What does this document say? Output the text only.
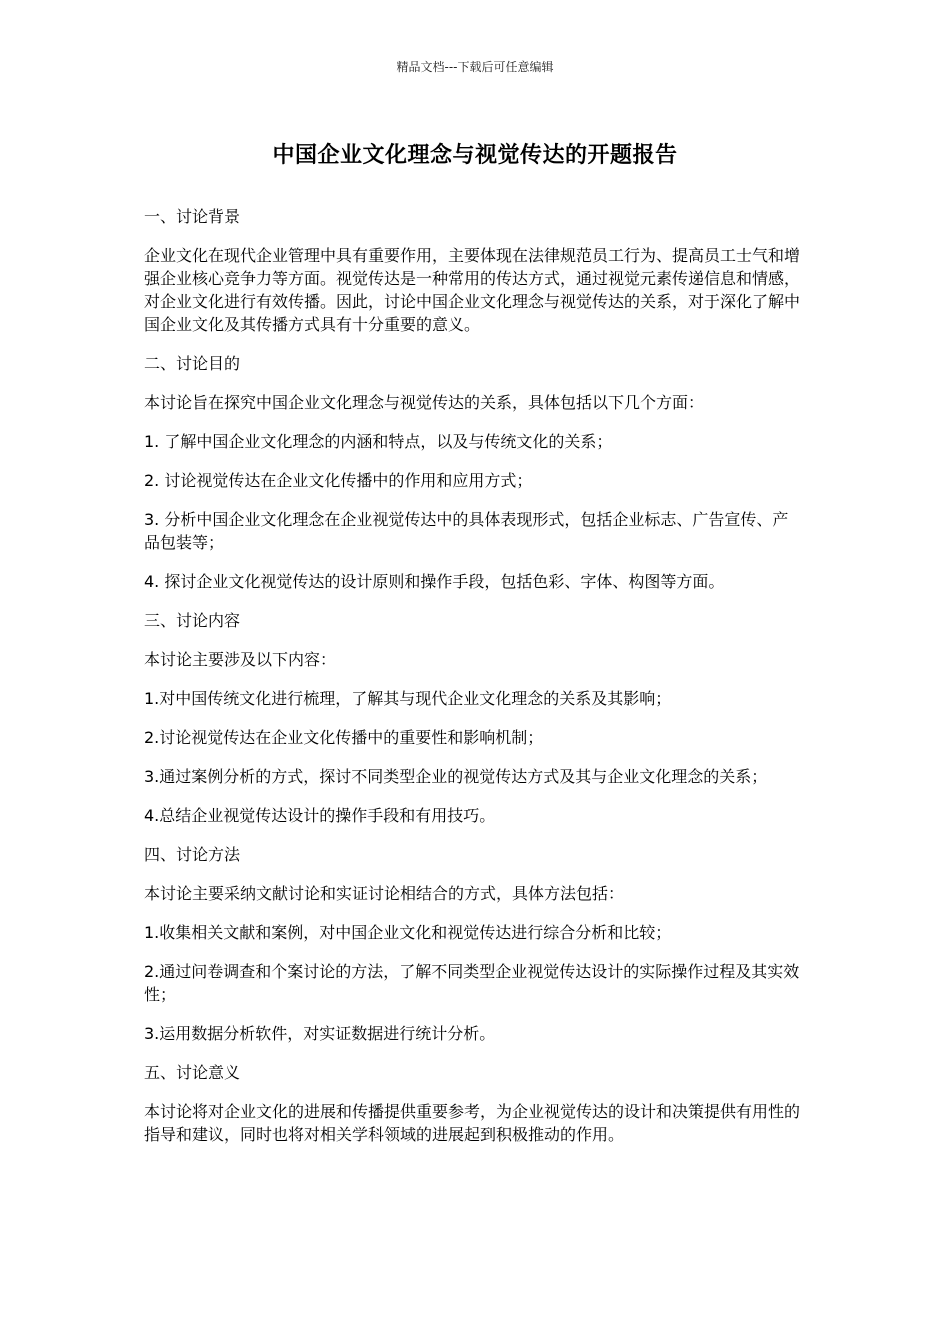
精品文档---下载后可任意编辑
中国企业文化理念与视觉传达的开题报告

一、讨论背景

企业文化在现代企业管理中具有重要作用，主要体现在法律规范员工行为、提高员工士气和增强企业核心竞争力等方面。视觉传达是一种常用的传达方式，通过视觉元素传递信息和情感，对企业文化进行有效传播。因此，讨论中国企业文化理念与视觉传达的关系，对于深化了解中国企业文化及其传播方式具有十分重要的意义。

二、讨论目的

本讨论旨在探究中国企业文化理念与视觉传达的关系，具体包括以下几个方面：

1. 了解中国企业文化理念的内涵和特点，以及与传统文化的关系；

2. 讨论视觉传达在企业文化传播中的作用和应用方式；

3. 分析中国企业文化理念在企业视觉传达中的具体表现形式，包括企业标志、广告宣传、产品包装等；

4. 探讨企业文化视觉传达的设计原则和操作手段，包括色彩、字体、构图等方面。

三、讨论内容

本讨论主要涉及以下内容：

1.对中国传统文化进行梳理，了解其与现代企业文化理念的关系及其影响；

2.讨论视觉传达在企业文化传播中的重要性和影响机制；

3.通过案例分析的方式，探讨不同类型企业的视觉传达方式及其与企业文化理念的关系；

4.总结企业视觉传达设计的操作手段和有用技巧。

四、讨论方法

本讨论主要采纳文献讨论和实证讨论相结合的方式，具体方法包括：

1.收集相关文献和案例，对中国企业文化和视觉传达进行综合分析和比较；

2.通过问卷调查和个案讨论的方法，了解不同类型企业视觉传达设计的实际操作过程及其实效性；

3.运用数据分析软件，对实证数据进行统计分析。

五、讨论意义

本讨论将对企业文化的进展和传播提供重要参考，为企业视觉传达的设计和决策提供有用性的指导和建议，同时也将对相关学科领域的进展起到积极推动的作用。
